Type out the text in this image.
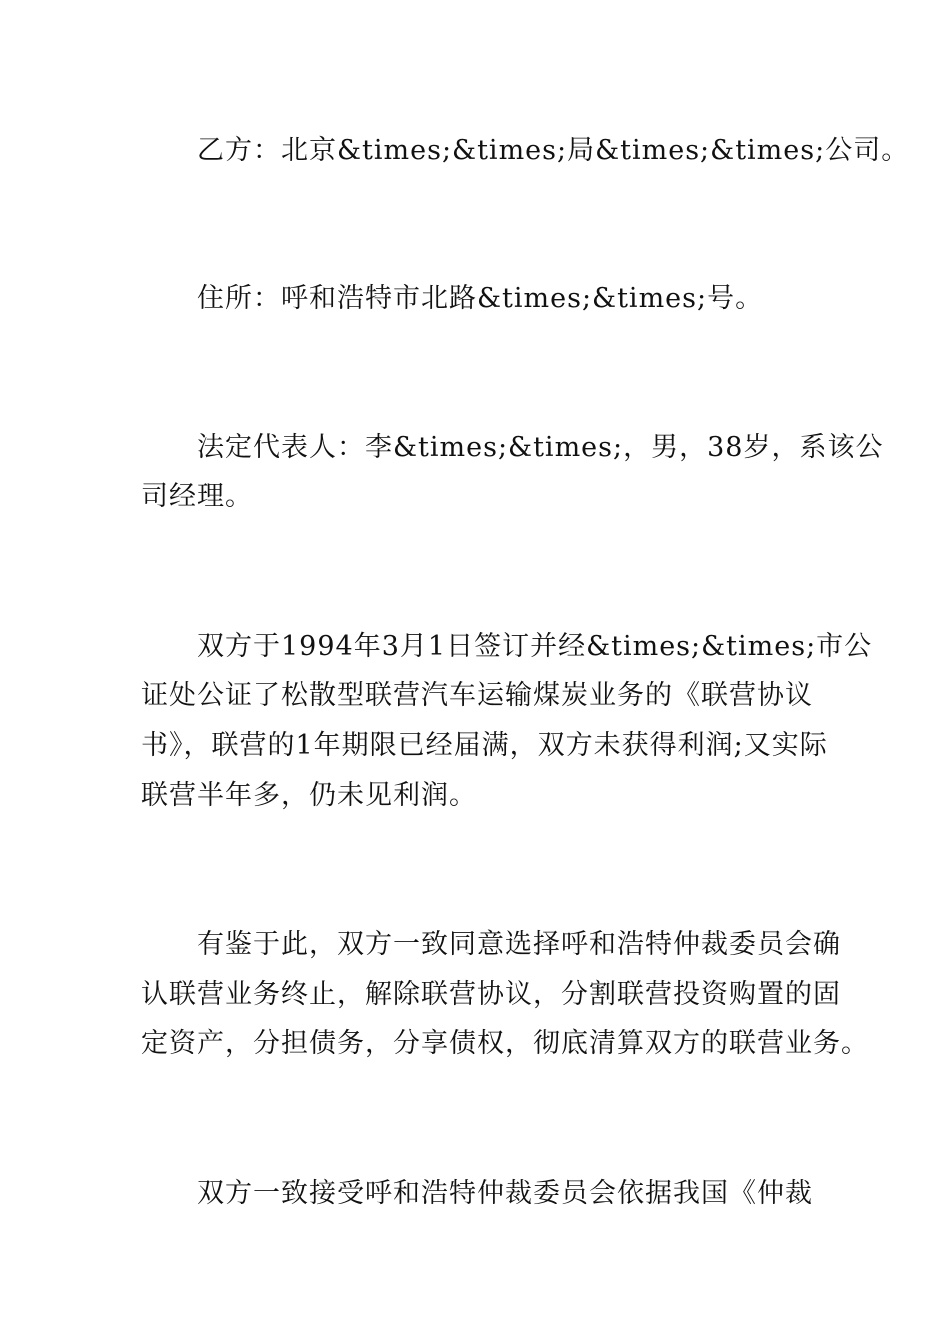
乙方：北京&times;&times;局&times;&times;公司。
住所：呼和浩特市北路&times;&times;号。
法定代表人：李&times;&times;，男，38岁，系该公
司经理。
双方于1994年3月1日签订并经&times;&times;市公
证处公证了松散型联营汽车运输煤炭业务的《联营协议
书》，联营的1年期限已经届满，双方未获得利润;又实际
联营半年多，仍未见利润。
有鉴于此，双方一致同意选择呼和浩特仲裁委员会确
认联营业务终止，解除联营协议，分割联营投资购置的固
定资产，分担债务，分享债权，彻底清算双方的联营业务。
双方一致接受呼和浩特仲裁委员会依据我国《仲裁
